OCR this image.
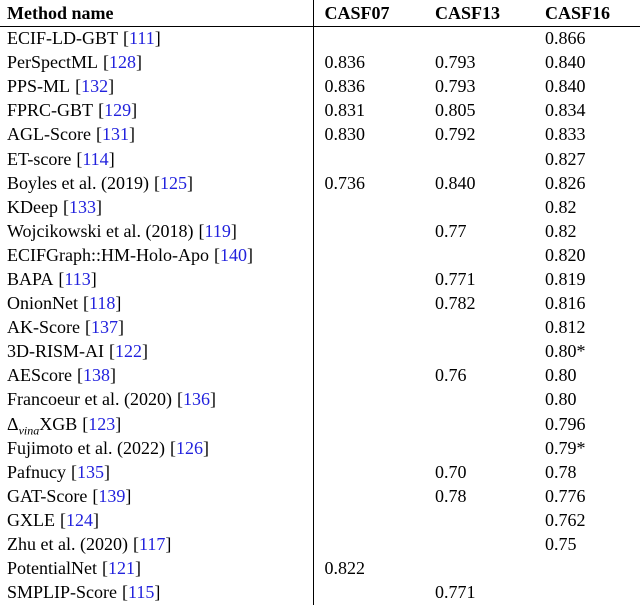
Method name	CASF07	CASF13	CASF16
ECIF-LD-GBT [111]			0.866
PerSpectML [128]	0.836	0.793	0.840
PPS-ML [132]	0.836	0.793	0.840
FPRC-GBT [129]	0.831	0.805	0.834
AGL-Score [131]	0.830	0.792	0.833
ET-score [114]			0.827
Boyles et al. (2019) [125]	0.736	0.840	0.826
KDeep [133]			0.82
Wojcikowski et al. (2018) [119]		0.77	0.82
ECIFGraph::HM-Holo-Apo [140]			0.820
BAPA [113]		0.771	0.819
OnionNet [118]		0.782	0.816
AK-Score [137]			0.812
3D-RISM-AI [122]			0.80*
AEScore [138]		0.76	0.80
Francoeur et al. (2020) [136]			0.80
$\Delta_{vina}XGB$ [123]			0.796
Fujimoto et al. (2022) [126]			0.79*
Pafnucy [135]		0.70	0.78
GAT-Score [139]		0.78	0.776
GXLE [124]			0.762
Zhu et al. (2020) [117]			0.75
PotentialNet [121]	0.822		
SMPLIP-Score [115]		0.771	
